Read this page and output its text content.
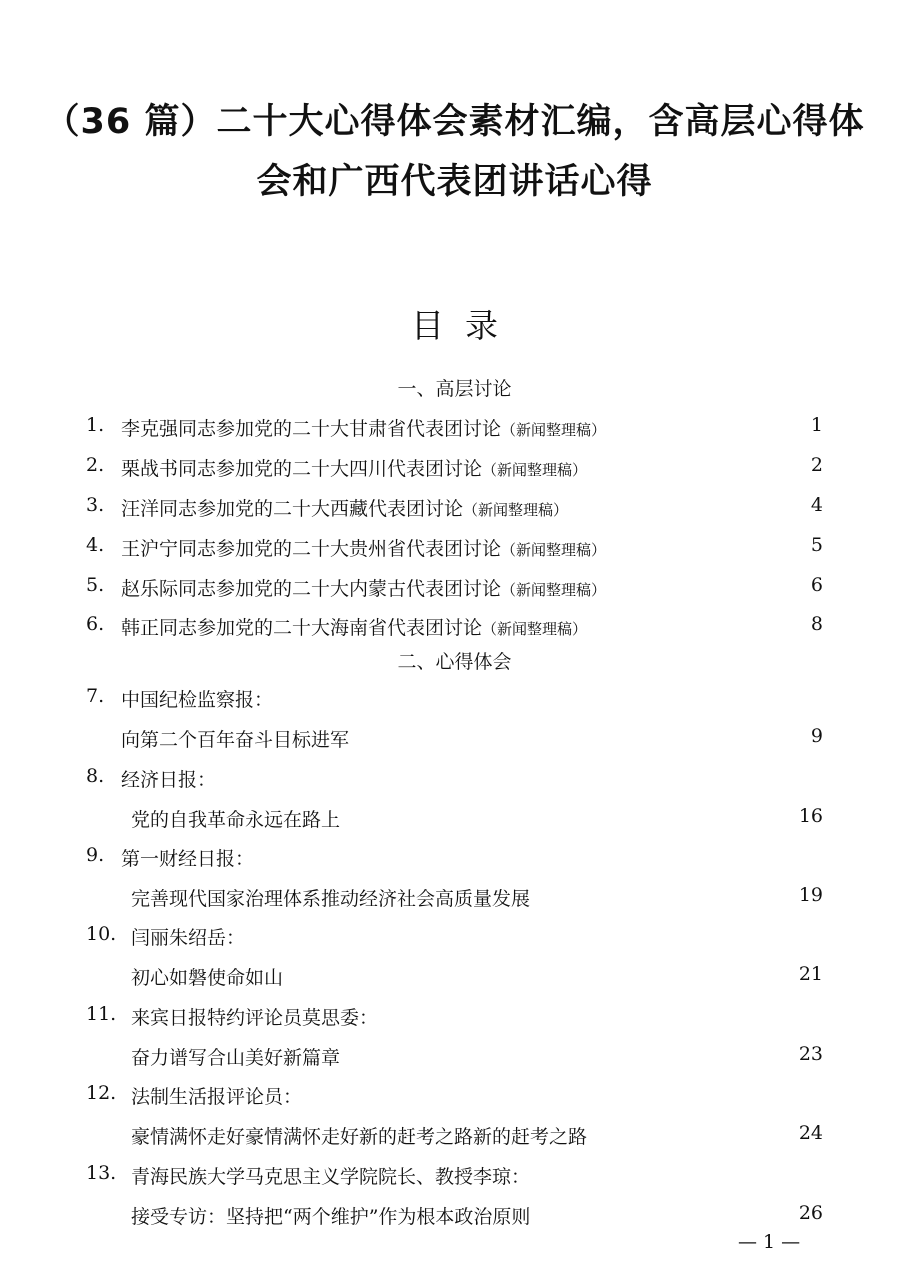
（36 篇）二十大心得体会素材汇编，含高层心得体
会和广西代表团讲话心得
目  录
一、高层讨论
1. 李克强同志参加党的二十大甘肃省代表团讨论（新闻整理稿）	1
2. 栗战书同志参加党的二十大四川代表团讨论（新闻整理稿）	2
3. 汪洋同志参加党的二十大西藏代表团讨论（新闻整理稿）	4
4. 王沪宁同志参加党的二十大贵州省代表团讨论（新闻整理稿）	5
5. 赵乐际同志参加党的二十大内蒙古代表团讨论（新闻整理稿）	6
6. 韩正同志参加党的二十大海南省代表团讨论（新闻整理稿）	8
二、心得体会
7. 中国纪检监察报：
向第二个百年奋斗目标进军	9
8. 经济日报：
党的自我革命永远在路上	16
9. 第一财经日报：
完善现代国家治理体系推动经济社会高质量发展	19
10. 闫丽朱绍岳：
初心如磐使命如山	21
11. 来宾日报特约评论员莫思委：
奋力谱写合山美好新篇章	23
12. 法制生活报评论员：
豪情满怀走好豪情满怀走好新的赶考之路新的赶考之路	24
13. 青海民族大学马克思主义学院院长、教授李琼：
接受专访：坚持把“两个维护”作为根本政治原则	26
— 1 —
